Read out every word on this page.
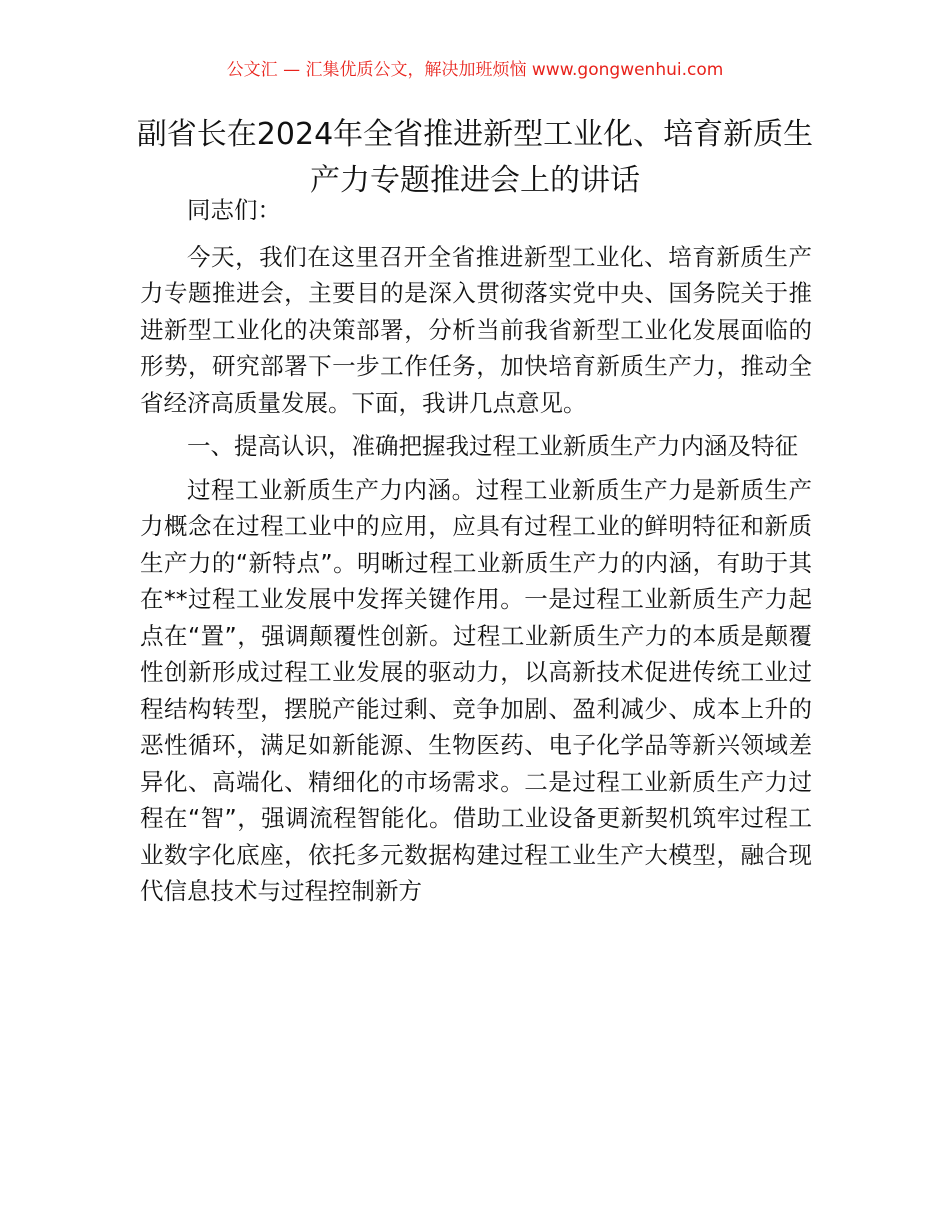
公文汇 — 汇集优质公文，解决加班烦恼 www.gongwenhui.com
副省长在2024年全省推进新型工业化、培育新质生产力专题推进会上的讲话

同志们：

今天，我们在这里召开全省推进新型工业化、培育新质生产力专题推进会，主要目的是深入贯彻落实党中央、国务院关于推进新型工业化的决策部署，分析当前我省新型工业化发展面临的形势，研究部署下一步工作任务，加快培育新质生产力，推动全省经济高质量发展。下面，我讲几点意见。

一、提高认识，准确把握我过程工业新质生产力内涵及特征

过程工业新质生产力内涵。过程工业新质生产力是新质生产力概念在过程工业中的应用，应具有过程工业的鲜明特征和新质生产力的“新特点”。明晰过程工业新质生产力的内涵，有助于其在**过程工业发展中发挥关键作用。一是过程工业新质生产力起点在“置”，强调颠覆性创新。过程工业新质生产力的本质是颠覆性创新形成过程工业发展的驱动力，以高新技术促进传统工业过程结构转型，摆脱产能过剩、竞争加剧、盈利减少、成本上升的恶性循环，满足如新能源、生物医药、电子化学品等新兴领域差异化、高端化、精细化的市场需求。二是过程工业新质生产力过程在“智”，强调流程智能化。借助工业设备更新契机筑牢过程工业数字化底座，依托多元数据构建过程工业生产大模型，融合现代信息技术与过程控制新方
